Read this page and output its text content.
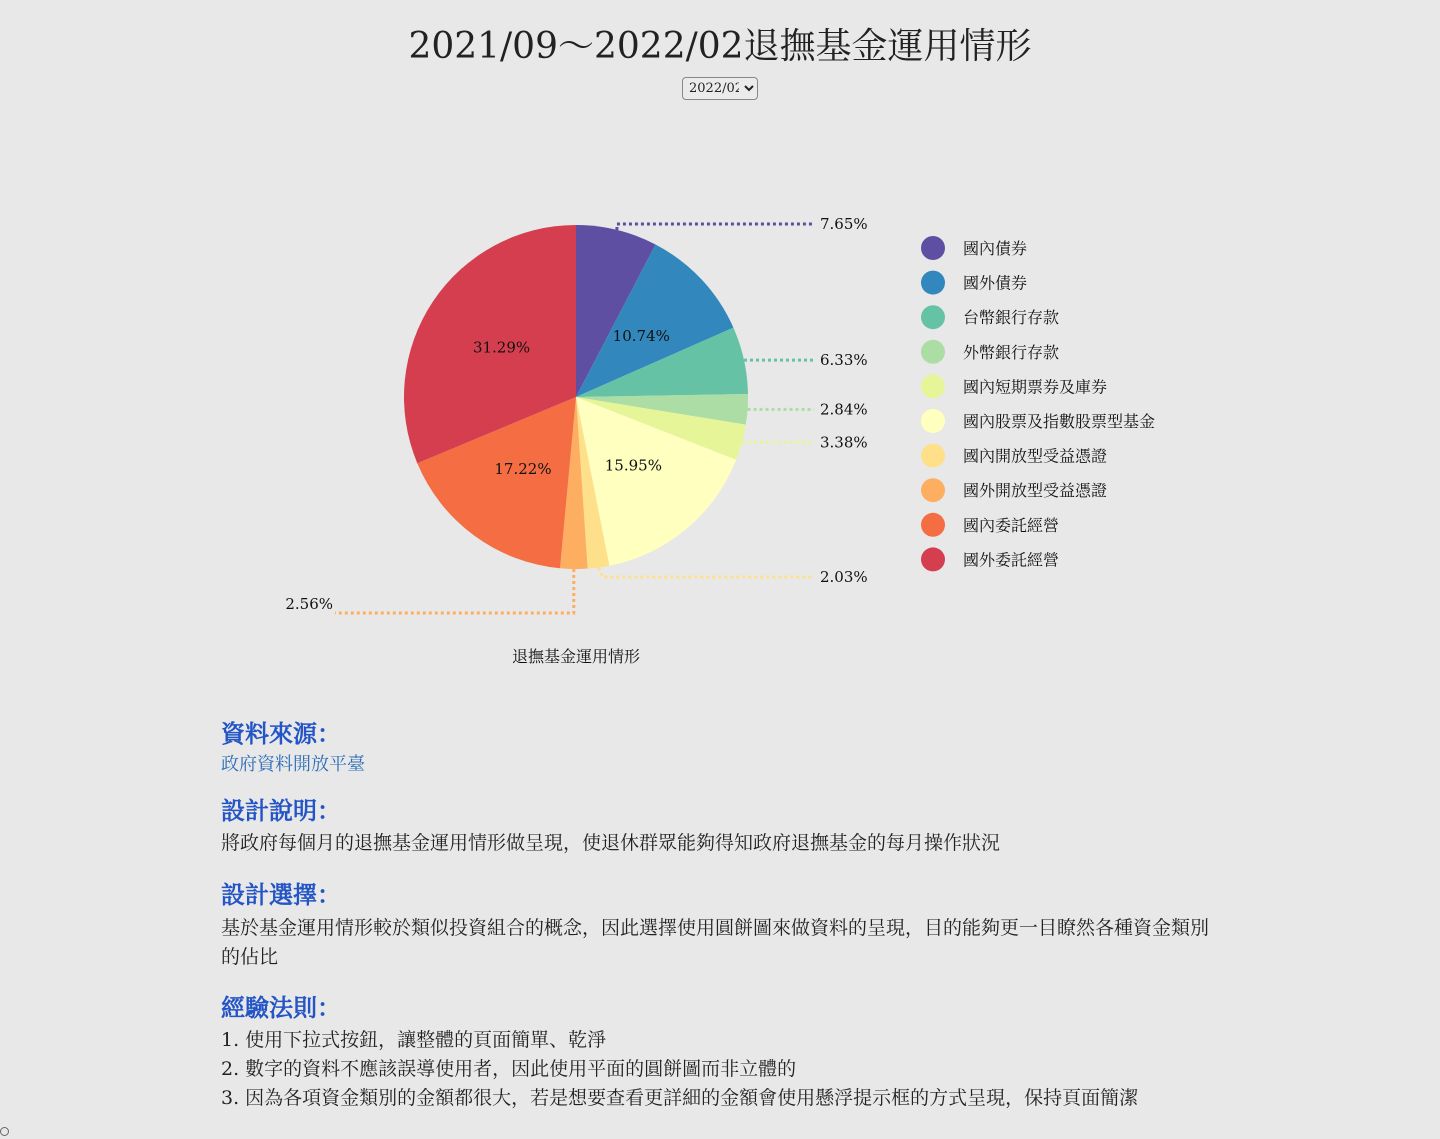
2021/09～2022/02退撫基金運用情形
2022/02
7.65%
10.74%
6.33%
2.84%
3.38%
15.95%
2.03%
2.56%
17.22%
31.29%
國內債券
國外債券
台幣銀行存款
外幣銀行存款
國內短期票券及庫券
國內股票及指數股票型基金
國內開放型受益憑證
國外開放型受益憑證
國內委託經營
國外委託經營
退撫基金運用情形
資料來源：
政府資料開放平臺
設計說明：

將政府每個月的退撫基金運用情形做呈現，使退休群眾能夠得知政府退撫基金的每月操作狀況

設計選擇：

基於基金運用情形較於類似投資組合的概念，因此選擇使用圓餅圖來做資料的呈現，目的能夠更一目瞭然各種資金類別的佔比

經驗法則：
1. 使用下拉式按鈕，讓整體的頁面簡單、乾淨
2. 數字的資料不應該誤導使用者，因此使用平面的圓餅圖而非立體的
3. 因為各項資金類別的金額都很大，若是想要查看更詳細的金額會使用懸浮提示框的方式呈現，保持頁面簡潔
